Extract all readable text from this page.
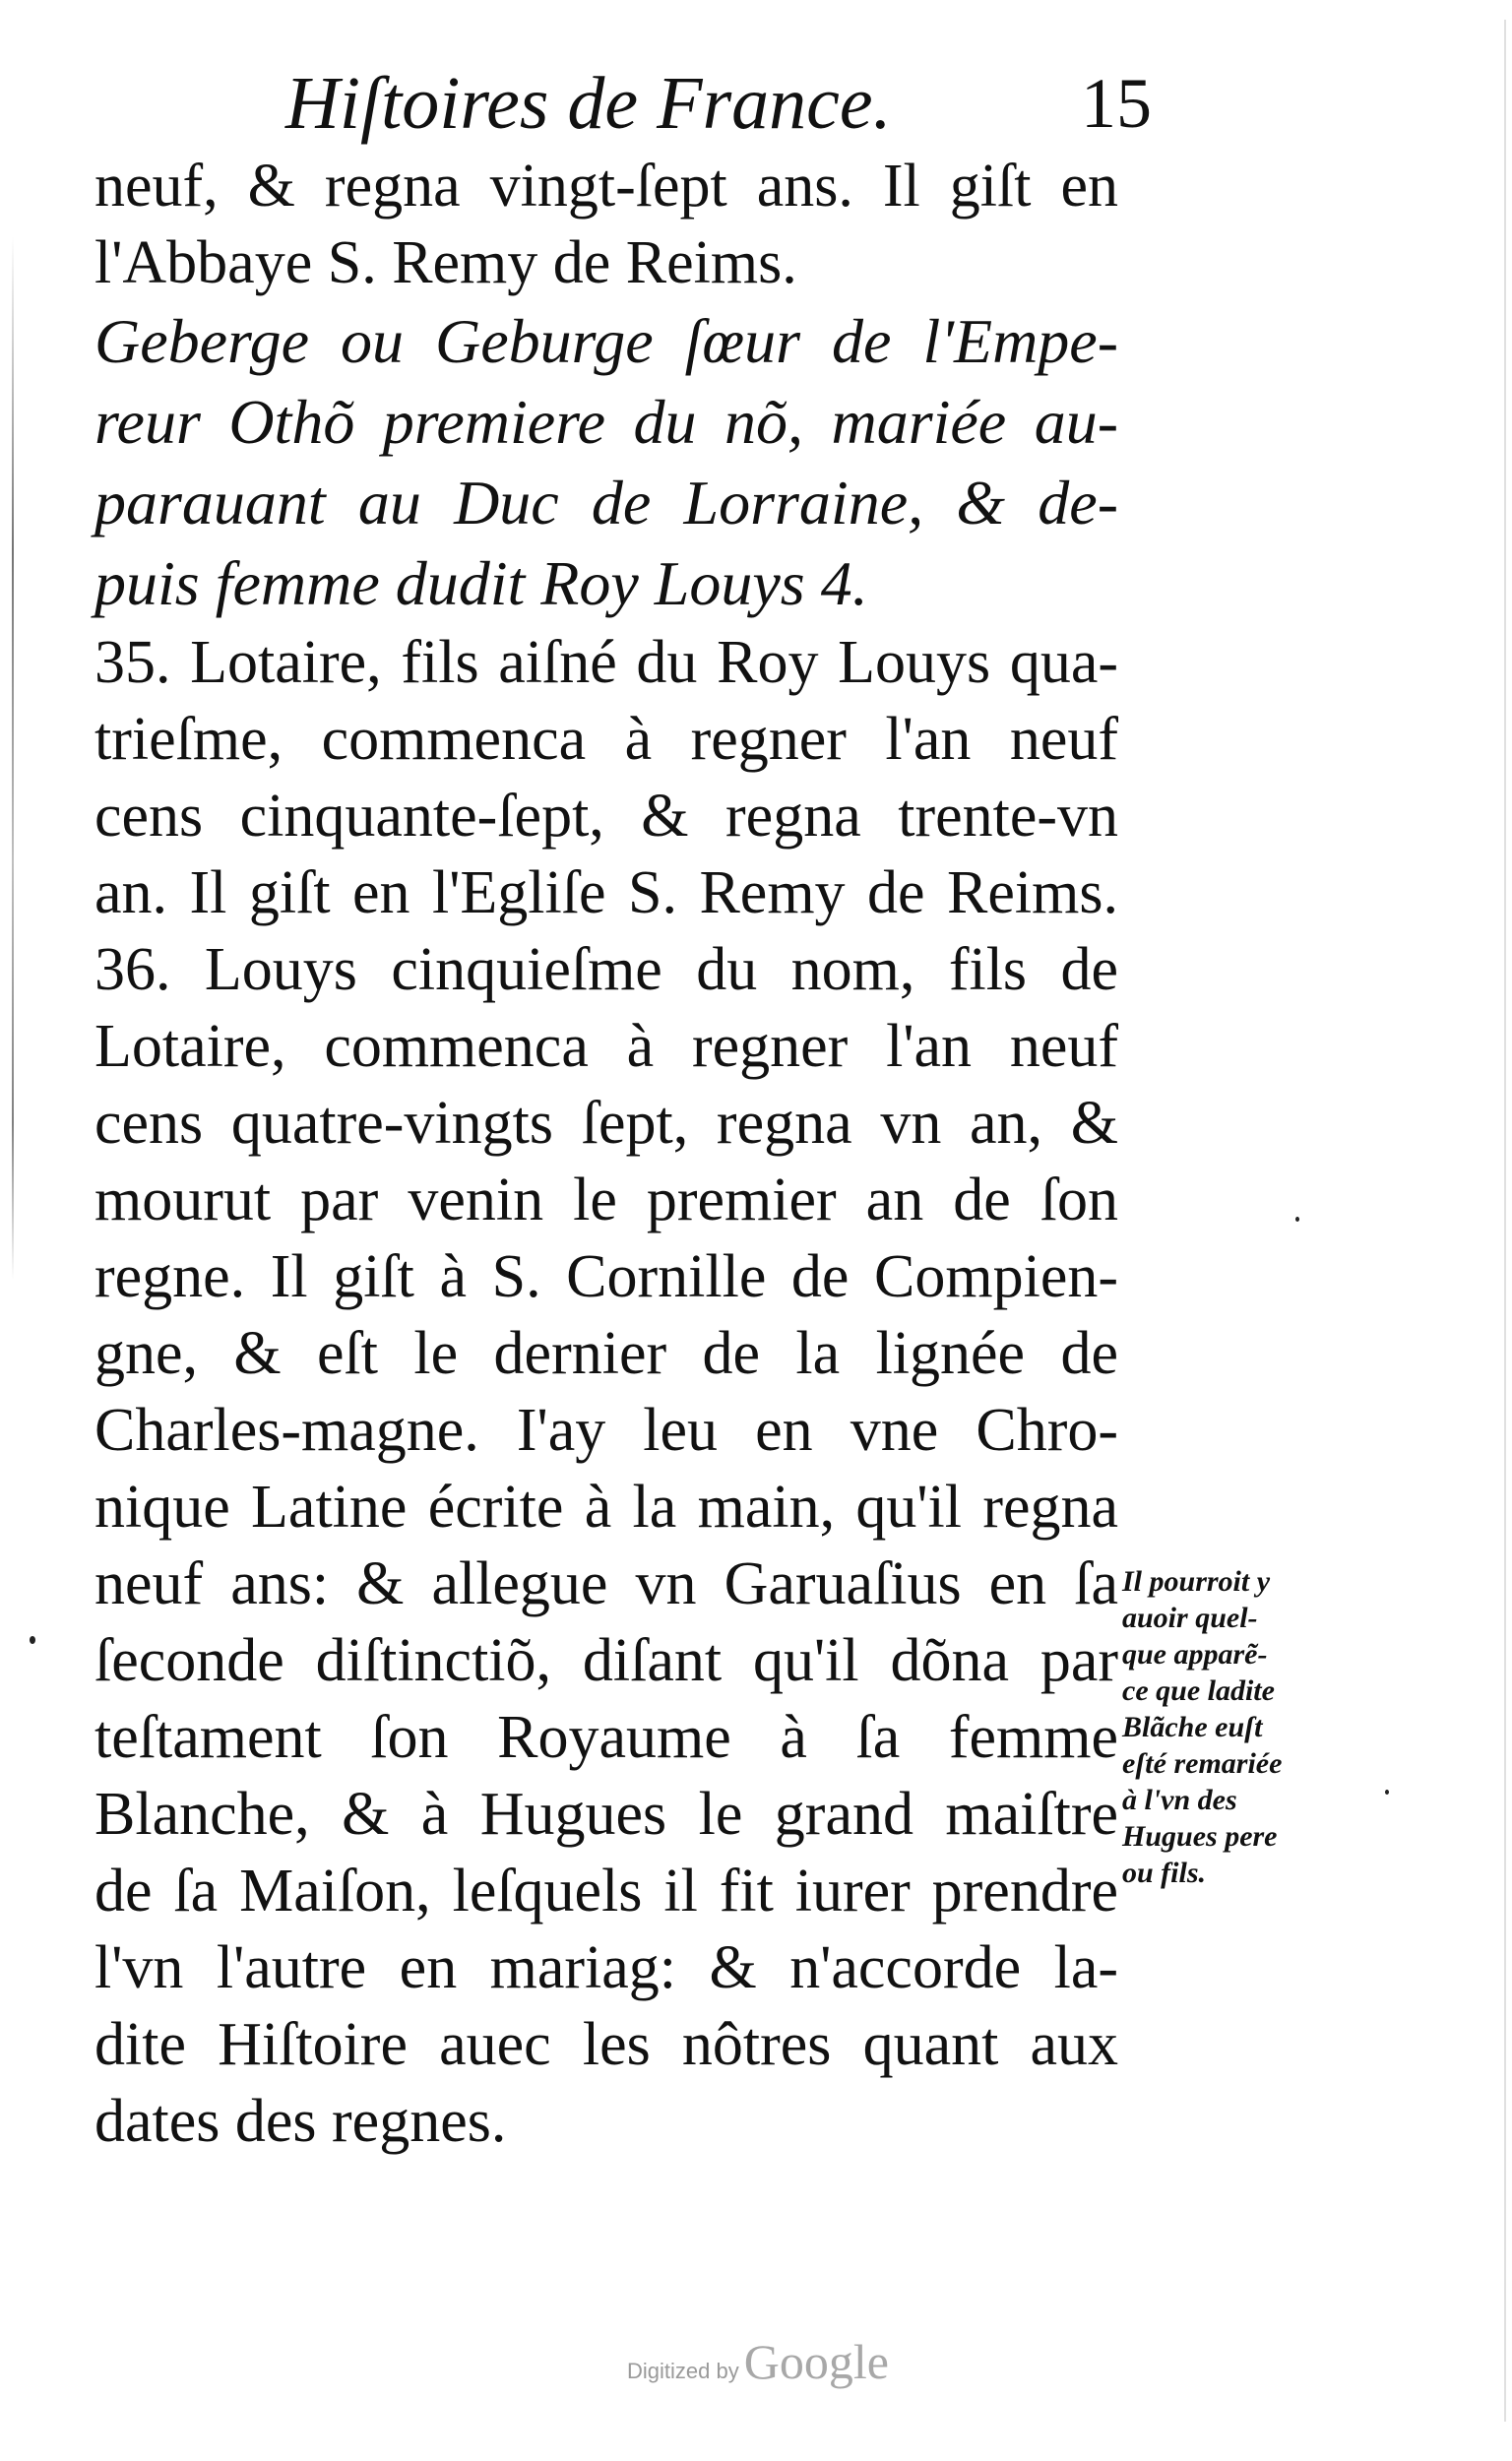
Hiſtoires de France.	15
neuf, & regna vingt-ſept ans. Il giſt en
l'Abbaye S. Remy de Reims.
Geberge ou Geburge ſœur de l'Empe-
reur Othõ premiere du nõ, mariée au-
parauant au Duc de Lorraine, & de-
puis femme dudit Roy Louys 4.
35. Lotaire, fils aiſné du Roy Louys qua-
trieſme, commenca à regner l'an neuf
cens cinquante-ſept, & regna trente-vn
an. Il giſt en l'Egliſe S. Remy de Reims.
36. Louys cinquieſme du nom, fils de
Lotaire, commenca à regner l'an neuf
cens quatre-vingts ſept, regna vn an, &
mourut par venin le premier an de ſon
regne. Il giſt à S. Cornille de Compien-
gne, & eſt le dernier de la lignée de
Charles-magne. I'ay leu en vne Chro-
nique Latine écrite à la main, qu'il regna
neuf ans: & allegue vn Garuaſius en ſa
ſeconde diſtinctiõ, diſant qu'il dõna par
teſtament ſon Royaume à ſa femme
Blanche, & à Hugues le grand maiſtre
de ſa Maiſon, leſquels il fit iurer prendre
l'vn l'autre en mariag: & n'accorde la-
dite Hiſtoire auec les nôtres quant aux
dates des regnes.
Il pourroit y
auoir quel-
que apparẽ-
ce que ladite
Blãche euſt
eſté remariée
à l'vn des
Hugues pere
ou fils.
Digitized by Google
